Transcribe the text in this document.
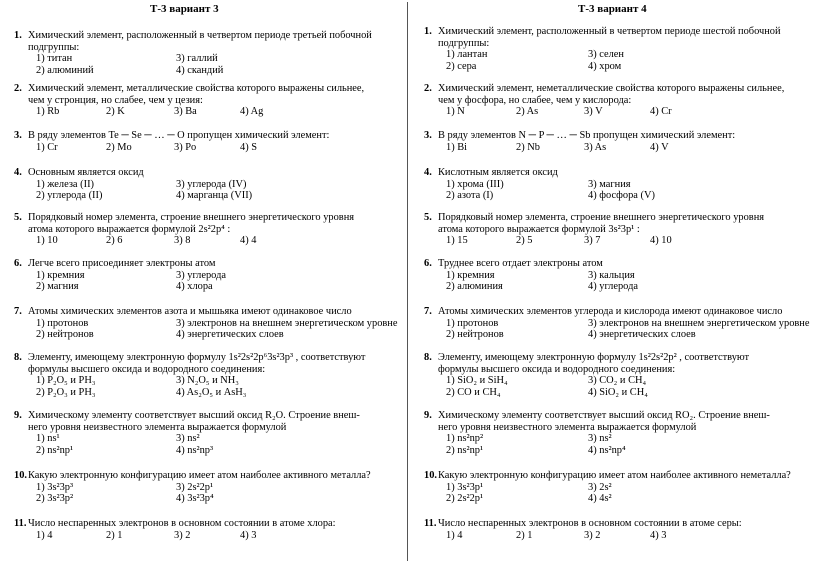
Т-3 вариант 3
1. Химический элемент, расположенный в четвертом периоде третьей побочной
подгруппы:
1) титан	3) галлий
2) алюминий	4) скандий
2. Химический элемент, металлические свойства которого выражены сильнее,
чем у стронция, но слабее, чем у цезия:
1) Rb	2) K	3) Ba	4) Ag
3. В ряду элементов Te ─ Se ─ … ─ O пропущен химический элемент:
1) Cr	2) Mo	3) Po	4) S
4. Основным является оксид
1) железа (II)	3) углерода (IV)
2) углерода (II)	4) марганца (VII)
5. Порядковый номер элемента, строение внешнего энергетического уровня
атома которого выражается формулой 2s²2p⁴ :
1) 10	2) 6	3) 8	4) 4
6. Легче всего присоединяет электроны атом
1) кремния	3) углерода
2) магния	4) хлора
7. Атомы химических элементов азота и мышьяка имеют одинаковое число
1) протонов	3) электронов на внешнем энергетическом уровне
2) нейтронов	4) энергетических слоев
8. Элементу, имеющему электронную формулу 1s²2s²2p⁶3s²3p³ , соответствуют
формулы высшего оксида и водородного соединения:
1) P₂O₅ и PH₃	3) N₂O₅ и NH₃
2) P₂O₃ и PH₃	4) As₂O₅ и AsH₃
9. Химическому элементу соответствует высший оксид R₂O. Строение внеш-
него уровня неизвестного элемента выражается формулой
1) ns¹	3) ns²
2) ns²np¹	4) ns²np³
10.Какую электронную конфигурацию имеет атом наиболее активного металла?
1) 3s²3p³	3) 2s²2p¹
2) 3s²3p²	4) 3s²3p⁴
11. Число неспаренных электронов в основном состоянии в атоме хлора:
1) 4	2) 1	3) 2	4) 3
Т-3 вариант 4
1. Химический элемент, расположенный в четвертом периоде шестой побочной
подгруппы:
1) лантан	3) селен
2) сера	4) хром
2. Химический элемент, неметаллические свойства которого выражены сильнее,
чем у фосфора, но слабее, чем у кислорода:
1) N	2) As	3) V	4) Cr
3. В ряду элементов N ─ P ─ … ─ Sb пропущен химический элемент:
1) Bi	2) Nb	3) As	4) V
4. Кислотным является оксид
1) хрома (III)	3) магния
2) азота (I)	4) фосфора (V)
5. Порядковый номер элемента, строение внешнего энергетического уровня
атома которого выражается формулой 3s²3p¹ :
1) 15	2) 5	3) 7	4) 10
6. Труднее всего отдает электроны атом
1) кремния	3) кальция
2) алюминия	4) углерода
7. Атомы химических элементов углерода и кислорода имеют одинаковое число
1) протонов	3) электронов на внешнем энергетическом уровне
2) нейтронов	4) энергетических слоев
8. Элементу, имеющему электронную формулу 1s²2s²2p² , соответствуют
формулы высшего оксида и водородного соединения:
1) SiO₂ и SiH₄	3) CO₂ и CH₄
2) CO и CH₄	4) SiO₂ и CH₄
9. Химическому элементу соответствует высший оксид RO₂. Строение внеш-
него уровня неизвестного элемента выражается формулой
1) ns²np²	3) ns²
2) ns²np¹	4) ns²np⁴
10.Какую электронную конфигурацию имеет атом наиболее активного неметалла?
1) 3s²3p¹	3) 2s²
2) 2s²2p¹	4) 4s²
11. Число неспаренных электронов в основном состоянии в атоме серы:
1) 4	2) 1	3) 2	4) 3
